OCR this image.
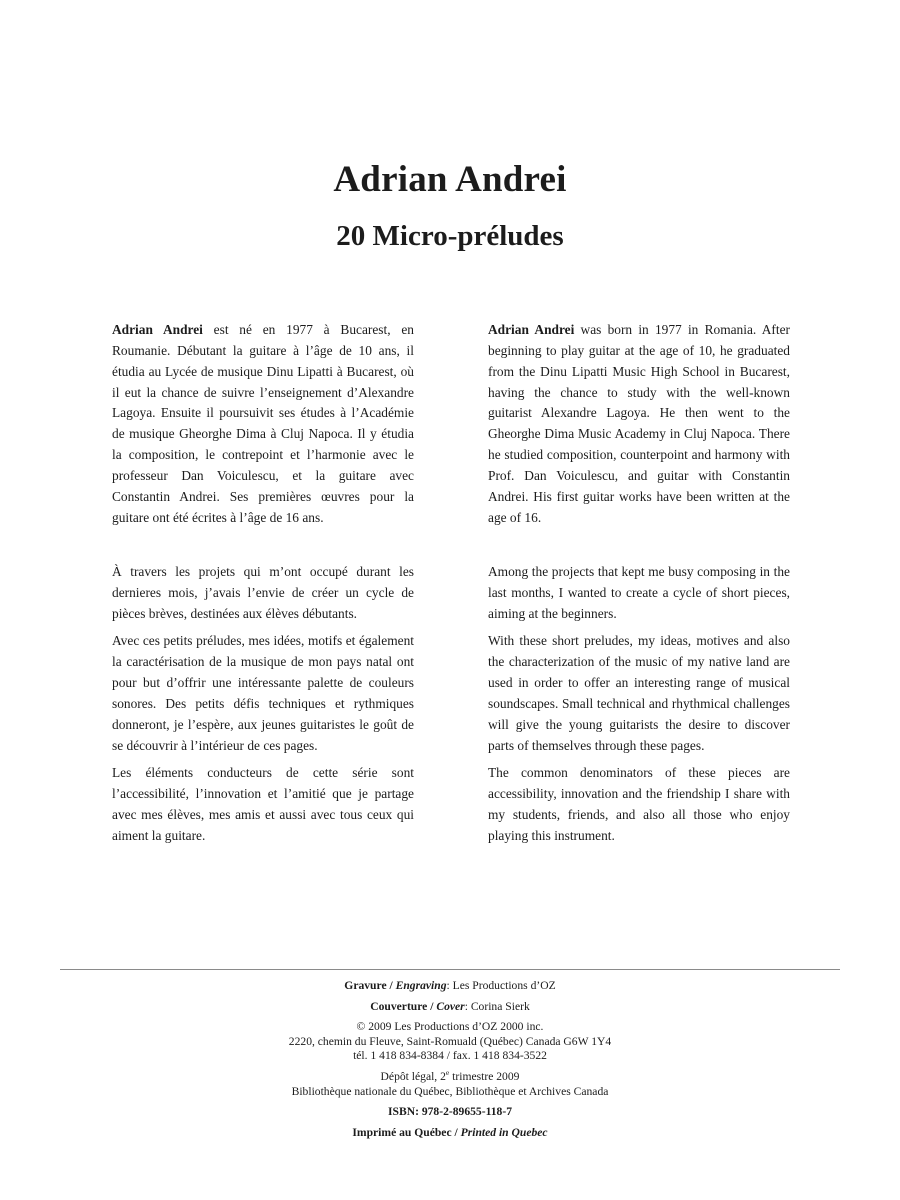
Adrian Andrei
20 Micro-préludes

Adrian Andrei est né en 1977 à Bucarest, en Roumanie. Débutant la guitare à l’âge de 10 ans, il étudia au Lycée de musique Dinu Lipatti à Bucarest, où il eut la chance de suivre l’enseignement d’Alexandre Lagoya. Ensuite il poursuivit ses études à l’Académie de musique Gheorghe Dima à Cluj Napoca. Il y étudia la composition, le contrepoint et l’harmonie avec le professeur Dan Voiculescu, et la guitare avec Constantin Andrei. Ses premières œuvres pour la guitare ont été écrites à l’âge de 16 ans.

À travers les projets qui m’ont occupé durant les dernieres mois, j’avais l’envie de créer un cycle de pièces brèves, destinées aux élèves débutants.

Avec ces petits préludes, mes idées, motifs et également la caractérisation de la musique de mon pays natal ont pour but d’offrir une intéressante palette de couleurs sonores. Des petits défis techniques et rythmiques donneront, je l’espère, aux jeunes guitaristes le goût de se découvrir à l’intérieur de ces pages.

Les éléments conducteurs de cette série sont l’accessibilité, l’innovation et l’amitié que je partage avec mes élèves, mes amis et aussi avec tous ceux qui aiment la guitare.

Adrian Andrei was born in 1977 in Romania. After beginning to play guitar at the age of 10, he graduated from the Dinu Lipatti Music High School in Bucarest, having the chance to study with the well-known guitarist Alexandre Lagoya. He then went to the Gheorghe Dima Music Academy in Cluj Napoca. There he studied composition, counterpoint and harmony with Prof. Dan Voiculescu, and guitar with Constantin Andrei. His first guitar works have been written at the age of 16.

Among the projects that kept me busy composing in the last months, I wanted to create a cycle of short pieces, aiming at the beginners.

With these short preludes, my ideas, motives and also the characterization of the music of my native land are used in order to offer an interesting range of musical soundscapes. Small technical and rhythmical challenges will give the young guitarists the desire to discover parts of themselves through these pages.

The common denominators of these pieces are accessibility, innovation and the friendship I share with my students, friends, and also all those who enjoy playing this instrument.

Gravure / Engraving: Les Productions d’OZ
Couverture / Cover: Corina Sierk
© 2009 Les Productions d’OZ 2000 inc.
2220, chemin du Fleuve, Saint-Romuald (Québec) Canada G6W 1Y4
tél. 1 418 834-8384 / fax. 1 418 834-3522
Dépôt légal, 2e trimestre 2009
Bibliothèque nationale du Québec, Bibliothèque et Archives Canada
ISBN: 978-2-89655-118-7
Imprimé au Québec / Printed in Quebec
